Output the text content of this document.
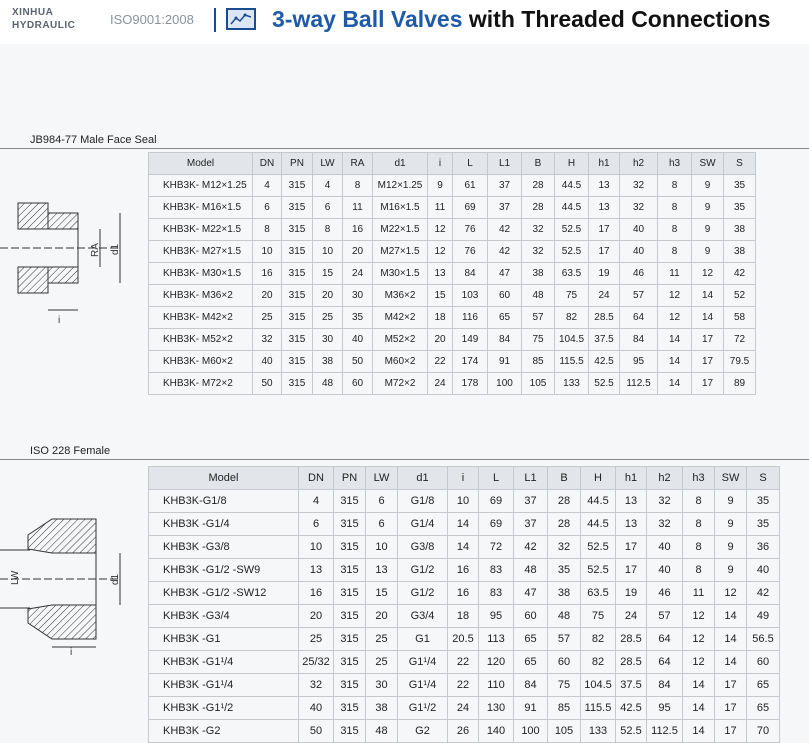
XINHUA
HYDRAULIC	ISO9001:2008	3-way Ball Valves with Threaded Connections
JB984-77 Male Face Seal
RA d1
i
Model	DN	PN	LW	RA	d1	i	L	L1	B	H	h1	h2	h3	SW	S
KHB3K- M12×1.25	4	315	4	8	M12×1.25	9	61	37	28	44.5	13	32	8	9	35
KHB3K- M16×1.5	6	315	6	11	M16×1.5	11	69	37	28	44.5	13	32	8	9	35
KHB3K- M22×1.5	8	315	8	16	M22×1.5	12	76	42	32	52.5	17	40	8	9	38
KHB3K- M27×1.5	10	315	10	20	M27×1.5	12	76	42	32	52.5	17	40	8	9	38
KHB3K- M30×1.5	16	315	15	24	M30×1.5	13	84	47	38	63.5	19	46	11	12	42
KHB3K- M36×2	20	315	20	30	M36×2	15	103	60	48	75	24	57	12	14	52
KHB3K- M42×2	25	315	25	35	M42×2	18	116	65	57	82	28.5	64	12	14	58
KHB3K- M52×2	32	315	30	40	M52×2	20	149	84	75	104.5	37.5	84	14	17	72
KHB3K- M60×2	40	315	38	50	M60×2	22	174	91	85	115.5	42.5	95	14	17	79.5
KHB3K- M72×2	50	315	48	60	M72×2	24	178	100	105	133	52.5	112.5	14	17	89
ISO 228 Female
LW	d1
i
Model	DN	PN	LW	d1	i	L	L1	B	H	h1	h2	h3	SW	S
KHB3K-G1/8	4	315	6	G1/8	10	69	37	28	44.5	13	32	8	9	35
KHB3K -G1/4	6	315	6	G1/4	14	69	37	28	44.5	13	32	8	9	35
KHB3K -G3/8	10	315	10	G3/8	14	72	42	32	52.5	17	40	8	9	36
KHB3K -G1/2 -SW9	13	315	13	G1/2	16	83	48	35	52.5	17	40	8	9	40
KHB3K -G1/2 -SW12	16	315	15	G1/2	16	83	47	38	63.5	19	46	11	12	42
KHB3K -G3/4	20	315	20	G3/4	18	95	60	48	75	24	57	12	14	49
KHB3K -G1	25	315	25	G1	20.5	113	65	57	82	28.5	64	12	14	56.5
KHB3K -G1¹/4	25/32	315	25	G1¹/4	22	120	65	60	82	28.5	64	12	14	60
KHB3K -G1¹/4	32	315	30	G1¹/4	22	110	84	75	104.5	37.5	84	14	17	65
KHB3K -G1¹/2	40	315	38	G1¹/2	24	130	91	85	115.5	42.5	95	14	17	65
KHB3K -G2	50	315	48	G2	26	140	100	105	133	52.5	112.5	14	17	70
